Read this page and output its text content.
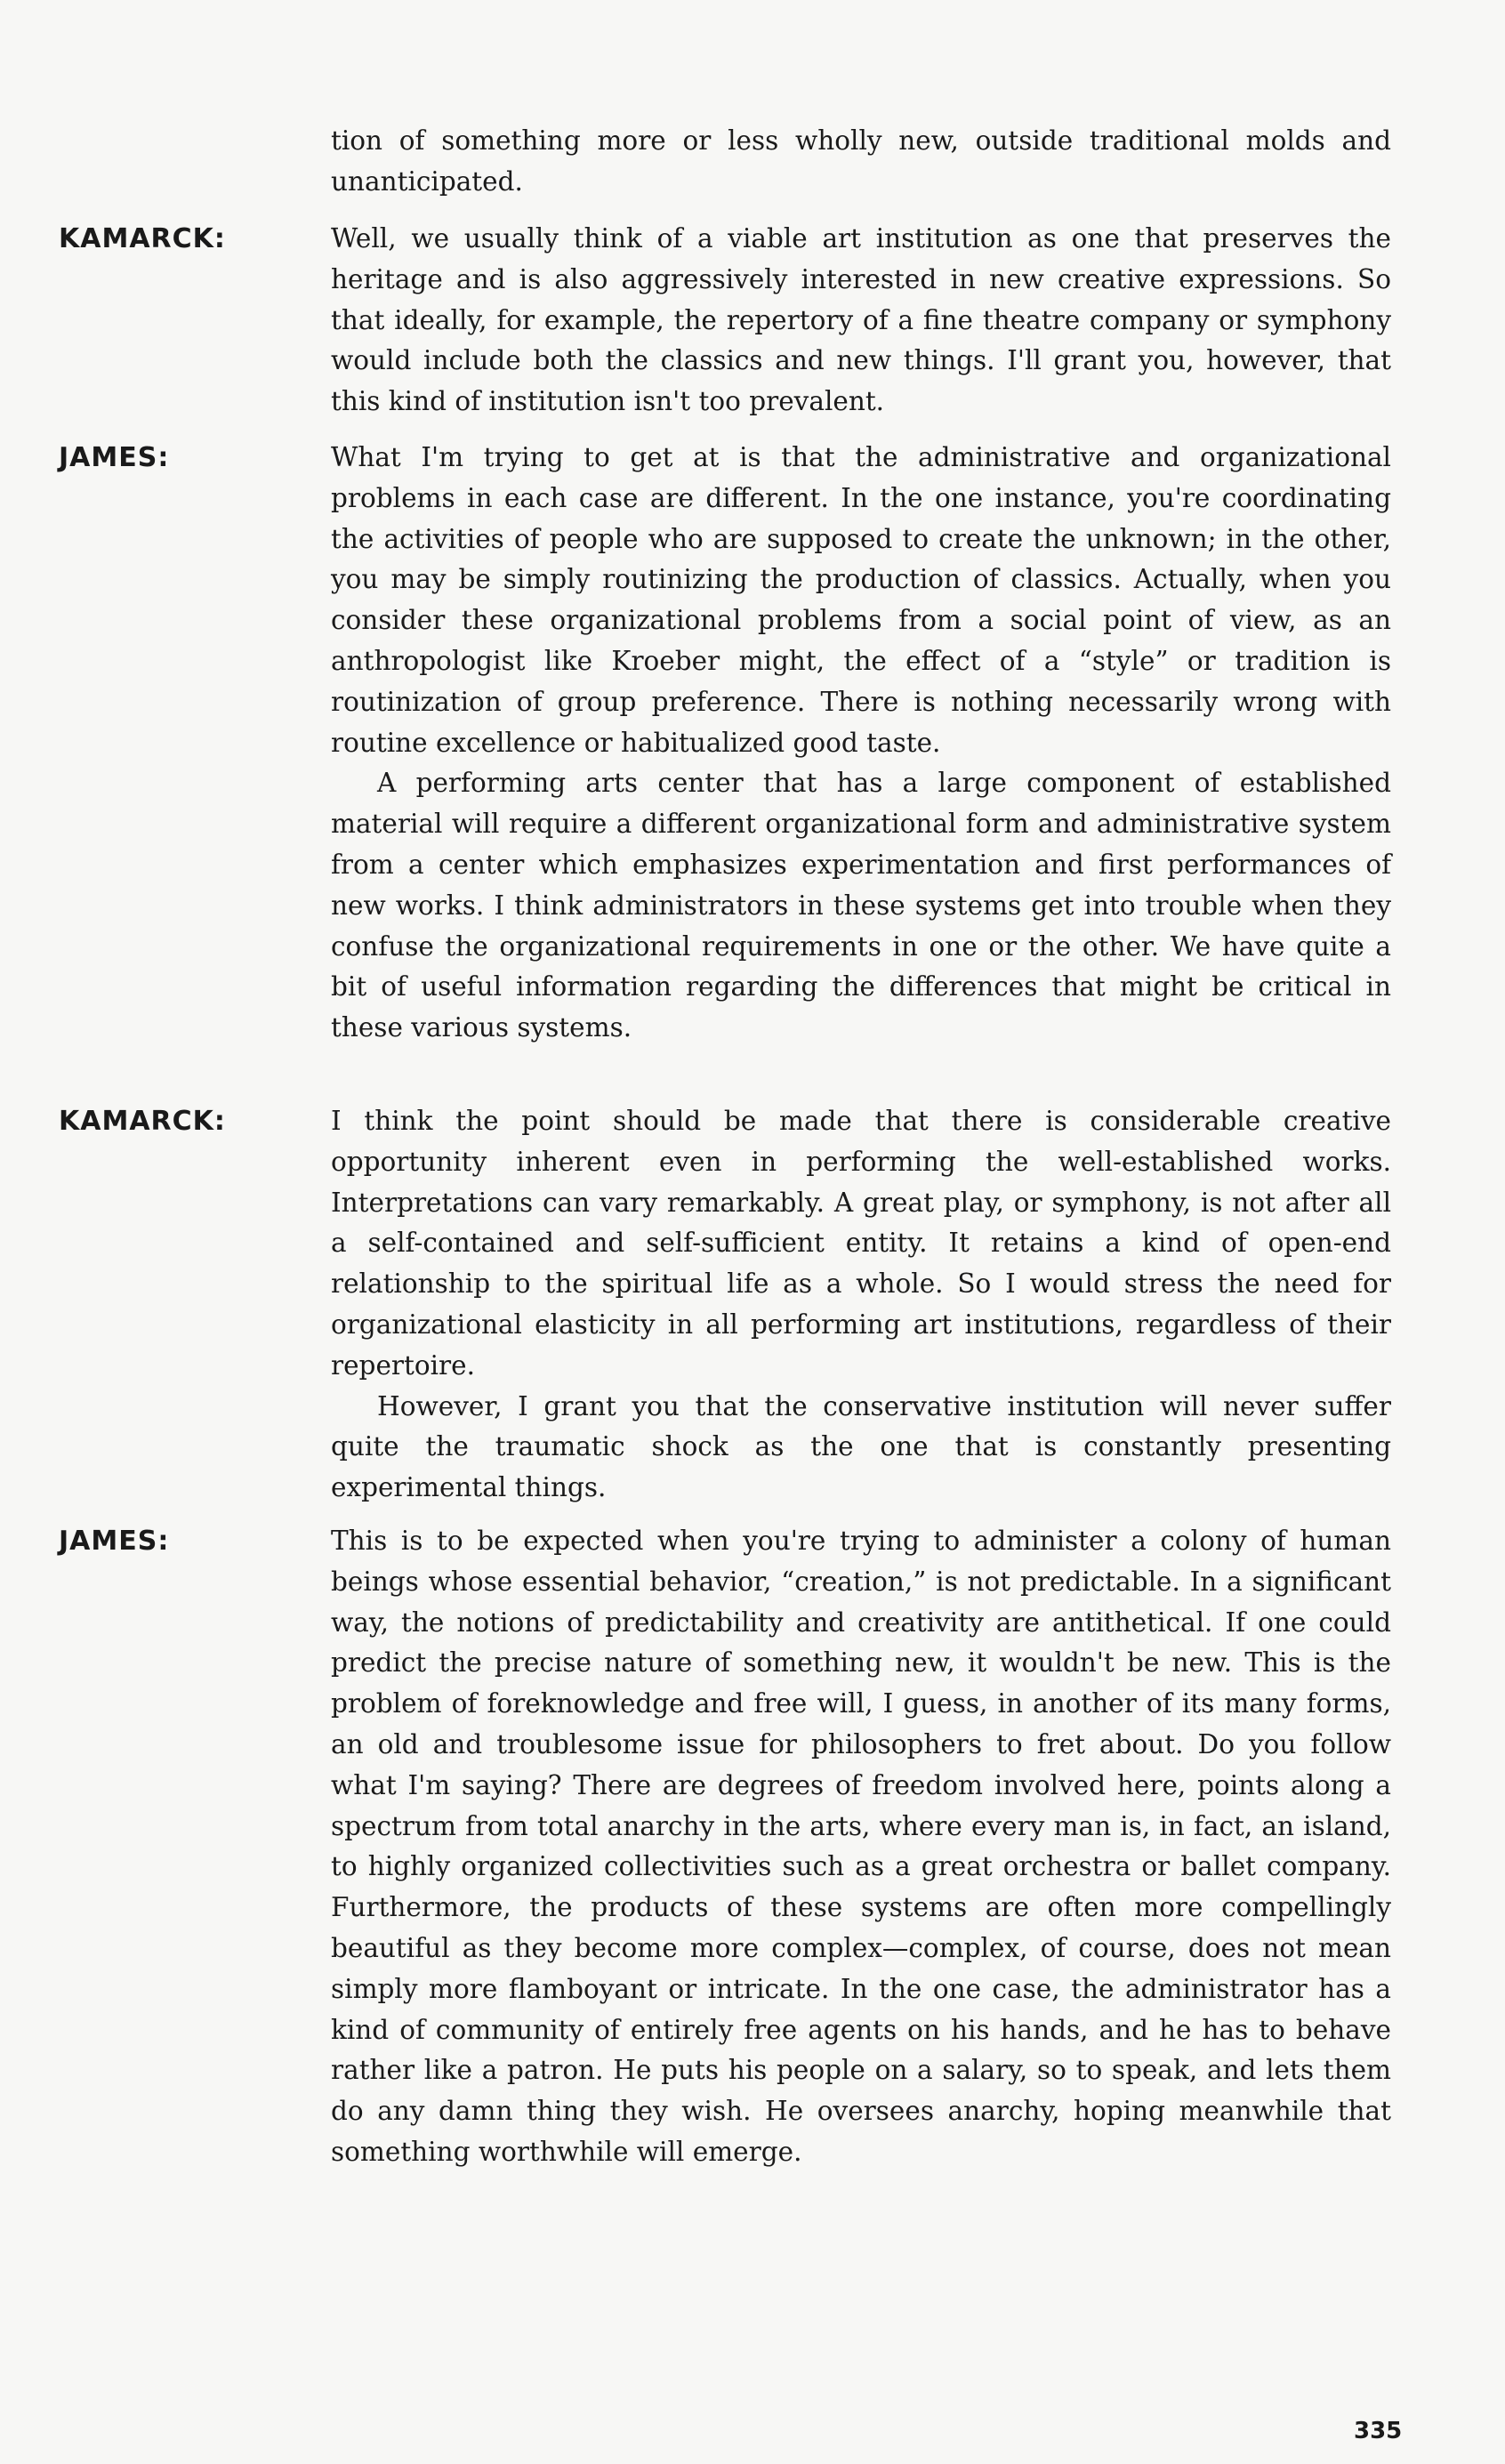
tion of something more or less wholly new, outside traditional molds and unanticipated.

KAMARCK:	Well, we usually think of a viable art institution as one that preserves the heritage and is also aggressively interested in new creative expressions. So that ideally, for example, the repertory of a fine theatre company or symphony would include both the classics and new things. I'll grant you, however, that this kind of institution isn't too prevalent.

JAMES:	What I'm trying to get at is that the administrative and organizational problems in each case are different. In the one instance, you're coordinating the activities of people who are supposed to create the unknown; in the other, you may be simply routinizing the production of classics. Actually, when you consider these organizational problems from a social point of view, as an anthropologist like Kroeber might, the effect of a “style” or tradition is routinization of group preference. There is nothing necessarily wrong with routine excellence or habitualized good taste.

A performing arts center that has a large component of established material will require a different organizational form and administrative system from a center which emphasizes experimentation and first performances of new works. I think administrators in these systems get into trouble when they confuse the organizational requirements in one or the other. We have quite a bit of useful information regarding the differences that might be critical in these various systems.

KAMARCK:	I think the point should be made that there is considerable creative opportunity inherent even in performing the well-established works. Interpretations can vary remarkably. A great play, or symphony, is not after all a self-contained and self-sufficient entity. It retains a kind of open-end relationship to the spiritual life as a whole. So I would stress the need for organizational elasticity in all performing art institutions, regardless of their repertoire.

However, I grant you that the conservative institution will never suffer quite the traumatic shock as the one that is constantly presenting experimental things.

JAMES:	This is to be expected when you're trying to administer a colony of human beings whose essential behavior, “creation,” is not predictable. In a significant way, the notions of predictability and creativity are antithetical. If one could predict the precise nature of something new, it wouldn't be new. This is the problem of foreknowledge and free will, I guess, in another of its many forms, an old and troublesome issue for philosophers to fret about. Do you follow what I'm saying? There are degrees of freedom involved here, points along a spectrum from total anarchy in the arts, where every man is, in fact, an island, to highly organized collectivities such as a great orchestra or ballet company. Furthermore, the products of these systems are often more compellingly beautiful as they become more complex—complex, of course, does not mean simply more flamboyant or intricate. In the one case, the administrator has a kind of community of entirely free agents on his hands, and he has to behave rather like a patron. He puts his people on a salary, so to speak, and lets them do any damn thing they wish. He oversees anarchy, hoping meanwhile that something worthwhile will emerge.

335
